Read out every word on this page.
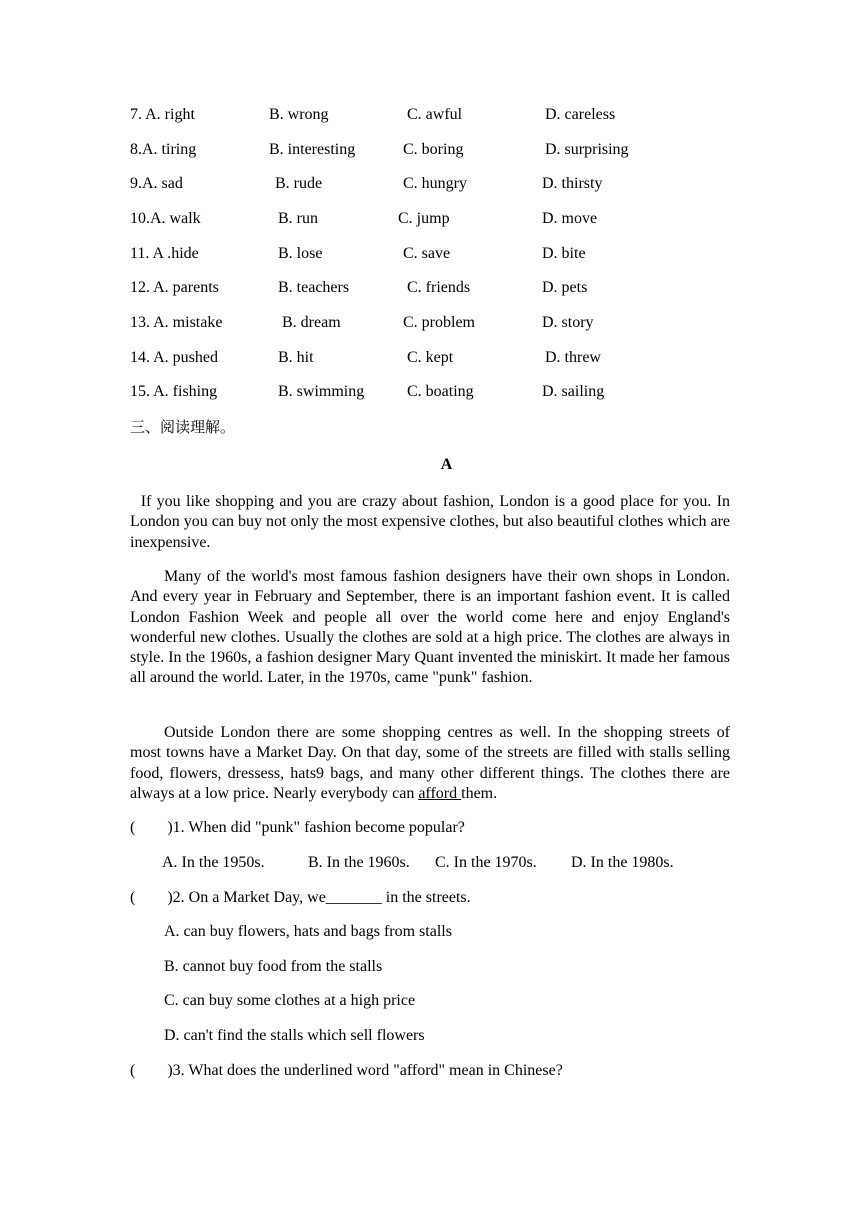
7. A. right	B. wrong	C. awful	D. careless
8.A. tiring	B. interesting	C. boring	D. surprising
9.A. sad	B. rude	C. hungry	D. thirsty
10.A. walk	B. run	C. jump	D. move
11. A .hide	B. lose	C. save	D. bite
12. A. parents	B. teachers	C. friends	D. pets
13. A. mistake	B. dream	C. problem	D. story
14. A. pushed	B. hit	C. kept	D. threw
15. A. fishing	B. swimming	C. boating	D. sailing
三、阅读理解。
A
If you like shopping and you are crazy about fashion, London is a good place for you. In London you can buy not only the most expensive clothes, but also beautiful clothes which are inexpensive.
Many of the world's most famous fashion designers have their own shops in London. And every year in February and September, there is an important fashion event. It is called London Fashion Week and people all over the world come here and enjoy England's wonderful new clothes. Usually the clothes are sold at a high price. The clothes are always in style. In the 1960s, a fashion designer Mary Quant invented the miniskirt. It made her famous all around the world. Later, in the 1970s, came "punk" fashion.
Outside London there are some shopping centres as well. In the shopping streets of most towns have a Market Day. On that day, some of the streets are filled with stalls selling food, flowers, dressess, hats9 bags, and many other different things. The clothes there are always at a low price. Nearly everybody can afford them.
(        )1. When did "punk" fashion become popular?
A. In the 1950s.	B. In the 1960s. C. In the 1970s. D. In the 1980s.
(        )2. On a Market Day, we_______ in the streets.
A. can buy flowers, hats and bags from stalls
B. cannot buy food from the stalls
C. can buy some clothes at a high price
D. can't find the stalls which sell flowers
(        )3. What does the underlined word "afford" mean in Chinese?
